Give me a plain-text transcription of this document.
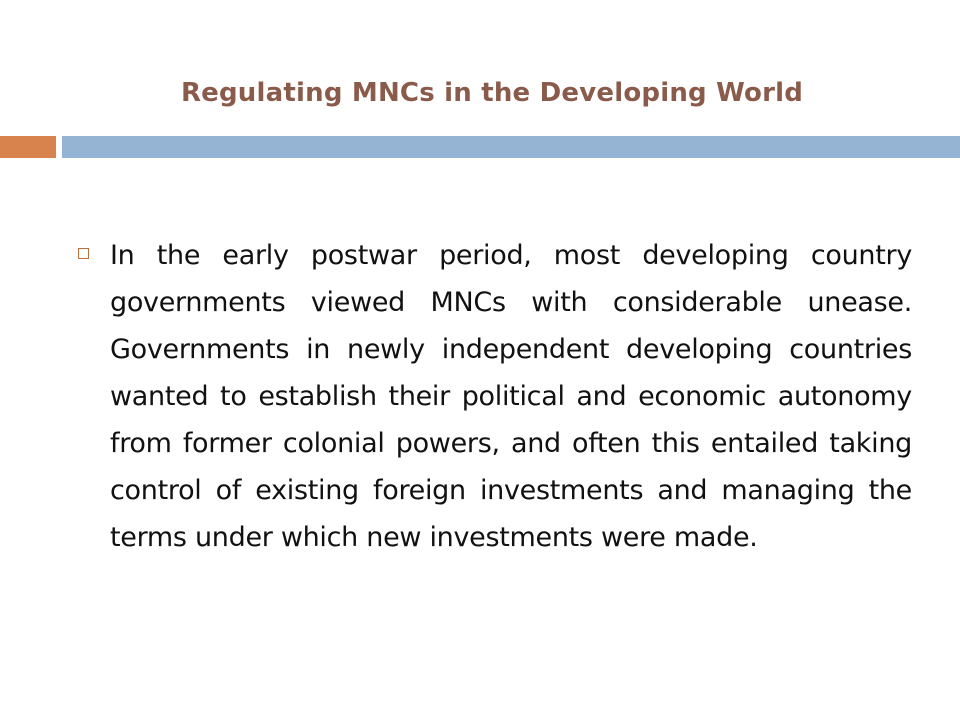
Regulating MNCs in the Developing World
In the early postwar period, most developing country governments viewed MNCs with considerable unease. Governments in newly independent developing countries wanted to establish their political and economic autonomy from former colonial powers, and often this entailed taking control of existing foreign investments and managing the terms under which new investments were made.
